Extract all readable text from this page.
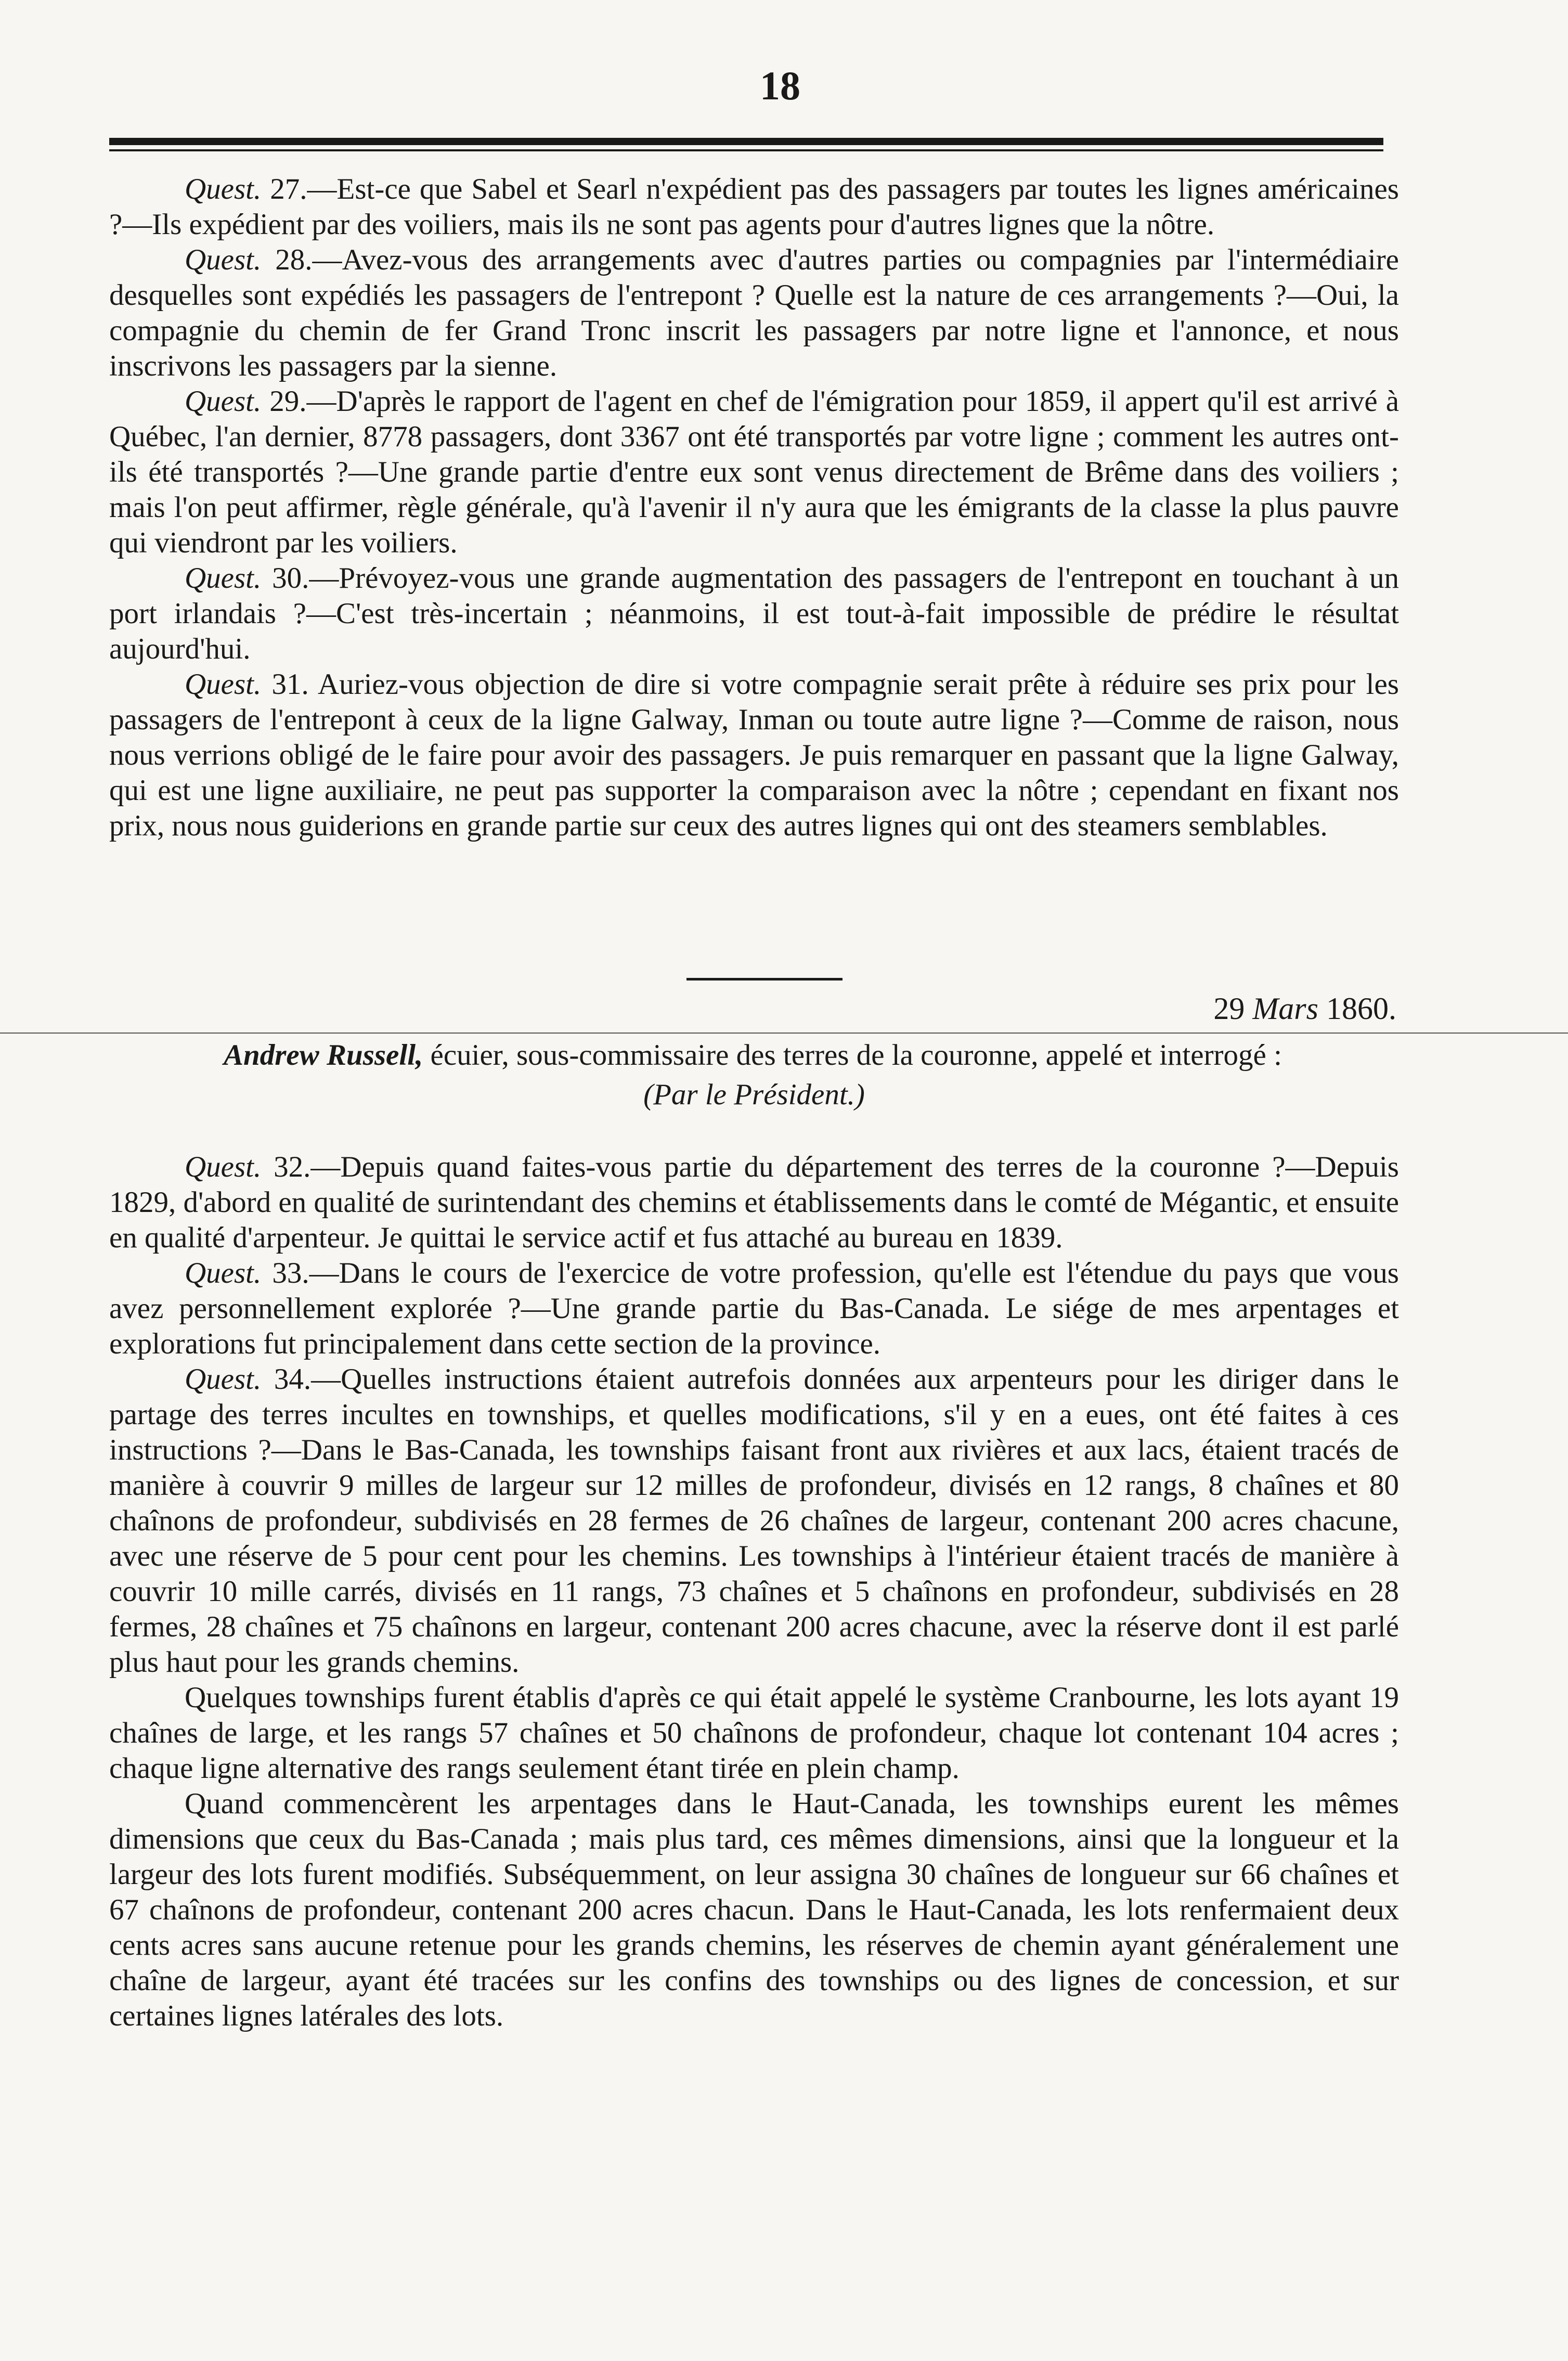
18

Quest. 27.—Est-ce que Sabel et Searl n'expédient pas des passagers par toutes les lignes américaines ?—Ils expédient par des voiliers, mais ils ne sont pas agents pour d'autres lignes que la nôtre.

Quest. 28.—Avez-vous des arrangements avec d'autres parties ou compagnies par l'intermédiaire desquelles sont expédiés les passagers de l'entrepont ? Quelle est la nature de ces arrangements ?—Oui, la compagnie du chemin de fer Grand Tronc inscrit les passagers par notre ligne et l'annonce, et nous inscrivons les passagers par la sienne.

Quest. 29.—D'après le rapport de l'agent en chef de l'émigration pour 1859, il appert qu'il est arrivé à Québec, l'an dernier, 8778 passagers, dont 3367 ont été transportés par votre ligne ; comment les autres ont-ils été transportés ?—Une grande partie d'entre eux sont venus directement de Brême dans des voiliers ; mais l'on peut affirmer, règle générale, qu'à l'avenir il n'y aura que les émigrants de la classe la plus pauvre qui viendront par les voiliers.

Quest. 30.—Prévoyez-vous une grande augmentation des passagers de l'entrepont en touchant à un port irlandais ?—C'est très-incertain ; néanmoins, il est tout-à-fait impossible de prédire le résultat aujourd'hui.

Quest. 31. Auriez-vous objection de dire si votre compagnie serait prête à réduire ses prix pour les passagers de l'entrepont à ceux de la ligne Galway, Inman ou toute autre ligne ?—Comme de raison, nous nous verrions obligé de le faire pour avoir des passagers. Je puis remarquer en passant que la ligne Galway, qui est une ligne auxiliaire, ne peut pas supporter la comparaison avec la nôtre ; cependant en fixant nos prix, nous nous guiderions en grande partie sur ceux des autres lignes qui ont des steamers semblables.

29 Mars 1860.

Andrew Russell, écuier, sous-commissaire des terres de la couronne, appelé et interrogé :

(Par le Président.)

Quest. 32.—Depuis quand faites-vous partie du département des terres de la couronne ?—Depuis 1829, d'abord en qualité de surintendant des chemins et établissements dans le comté de Mégantic, et ensuite en qualité d'arpenteur. Je quittai le service actif et fus attaché au bureau en 1839.

Quest. 33.—Dans le cours de l'exercice de votre profession, qu'elle est l'étendue du pays que vous avez personnellement explorée ?—Une grande partie du Bas-Canada. Le siége de mes arpentages et explorations fut principalement dans cette section de la province.

Quest. 34.—Quelles instructions étaient autrefois données aux arpenteurs pour les diriger dans le partage des terres incultes en townships, et quelles modifications, s'il y en a eues, ont été faites à ces instructions ?—Dans le Bas-Canada, les townships faisant front aux rivières et aux lacs, étaient tracés de manière à couvrir 9 milles de largeur sur 12 milles de profondeur, divisés en 12 rangs, 8 chaînes et 80 chaînons de profondeur, subdivisés en 28 fermes de 26 chaînes de largeur, contenant 200 acres chacune, avec une réserve de 5 pour cent pour les chemins. Les townships à l'intérieur étaient tracés de manière à couvrir 10 mille carrés, divisés en 11 rangs, 73 chaînes et 5 chaînons en profondeur, subdivisés en 28 fermes, 28 chaînes et 75 chaînons en largeur, contenant 200 acres chacune, avec la réserve dont il est parlé plus haut pour les grands chemins.

Quelques townships furent établis d'après ce qui était appelé le système Cranbourne, les lots ayant 19 chaînes de large, et les rangs 57 chaînes et 50 chaînons de profondeur, chaque lot contenant 104 acres ; chaque ligne alternative des rangs seulement étant tirée en plein champ.

Quand commencèrent les arpentages dans le Haut-Canada, les townships eurent les mêmes dimensions que ceux du Bas-Canada ; mais plus tard, ces mêmes dimensions, ainsi que la longueur et la largeur des lots furent modifiés. Subséquemment, on leur assigna 30 chaînes de longueur sur 66 chaînes et 67 chaînons de profondeur, contenant 200 acres chacun. Dans le Haut-Canada, les lots renfermaient deux cents acres sans aucune retenue pour les grands chemins, les réserves de chemin ayant généralement une chaîne de largeur, ayant été tracées sur les confins des townships ou des lignes de concession, et sur certaines lignes latérales des lots.
